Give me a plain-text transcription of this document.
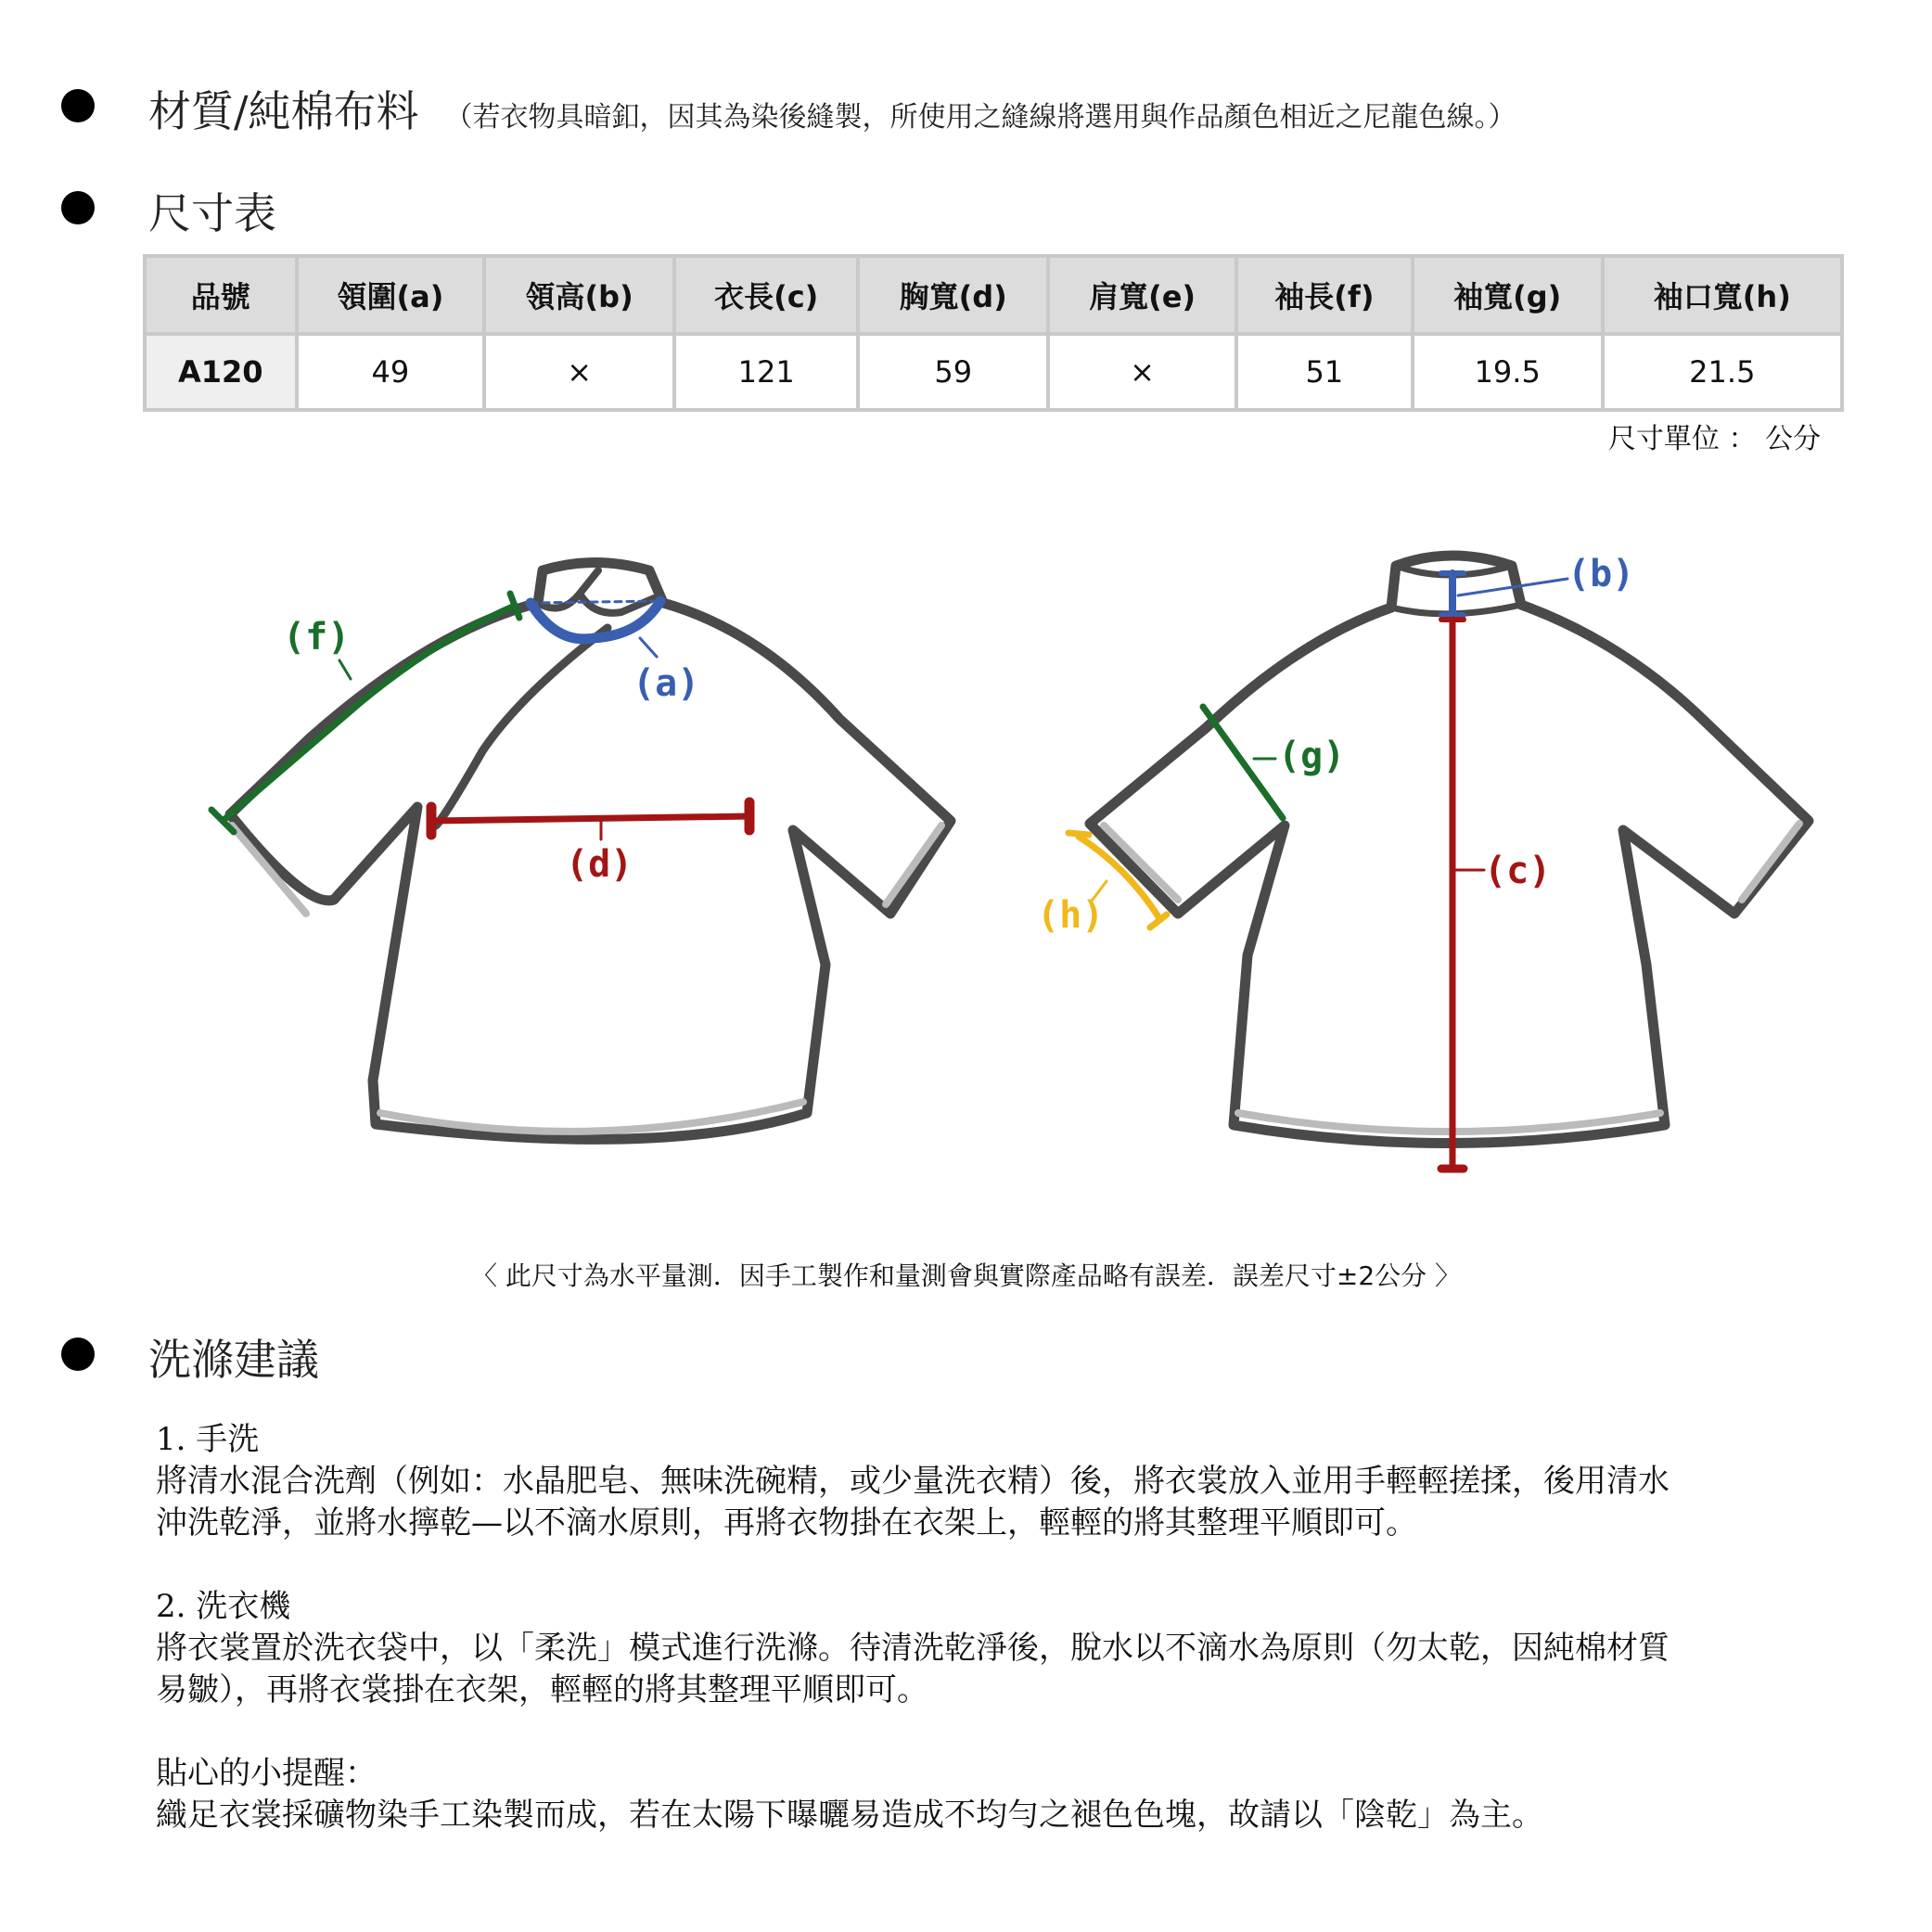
材質/純棉布料 （若衣物具暗釦，因其為染後縫製，所使用之縫線將選用與作品顏色相近之尼龍色線。）
尺寸表
品號	領圍(a)	領高(b)	衣長(c)	胸寬(d)	肩寬(e)	袖長(f)	袖寬(g)	袖口寬(h)
A120	49	×	121	59	×	51	19.5	21.5
尺寸單位 ： 公分
(a)
(f)
(d)
(b)
(c)
(g)
(h)
〈 此尺寸為水平量測．因手工製作和量測會與實際產品略有誤差．誤差尺寸±2公分 〉
洗滌建議

1. 手洗

將清水混合洗劑（例如：水晶肥皂、無味洗碗精，或少量洗衣精）後，將衣裳放入並用手輕輕搓揉，後用清水

沖洗乾淨，並將水擰乾—以不滴水原則，再將衣物掛在衣架上，輕輕的將其整理平順即可。

2. 洗衣機

將衣裳置於洗衣袋中，以「柔洗」模式進行洗滌。待清洗乾淨後，脫水以不滴水為原則（勿太乾，因純棉材質

易皺），再將衣裳掛在衣架，輕輕的將其整理平順即可。

貼心的小提醒：

織足衣裳採礦物染手工染製而成，若在太陽下曝曬易造成不均勻之褪色色塊，故請以「陰乾」為主。
